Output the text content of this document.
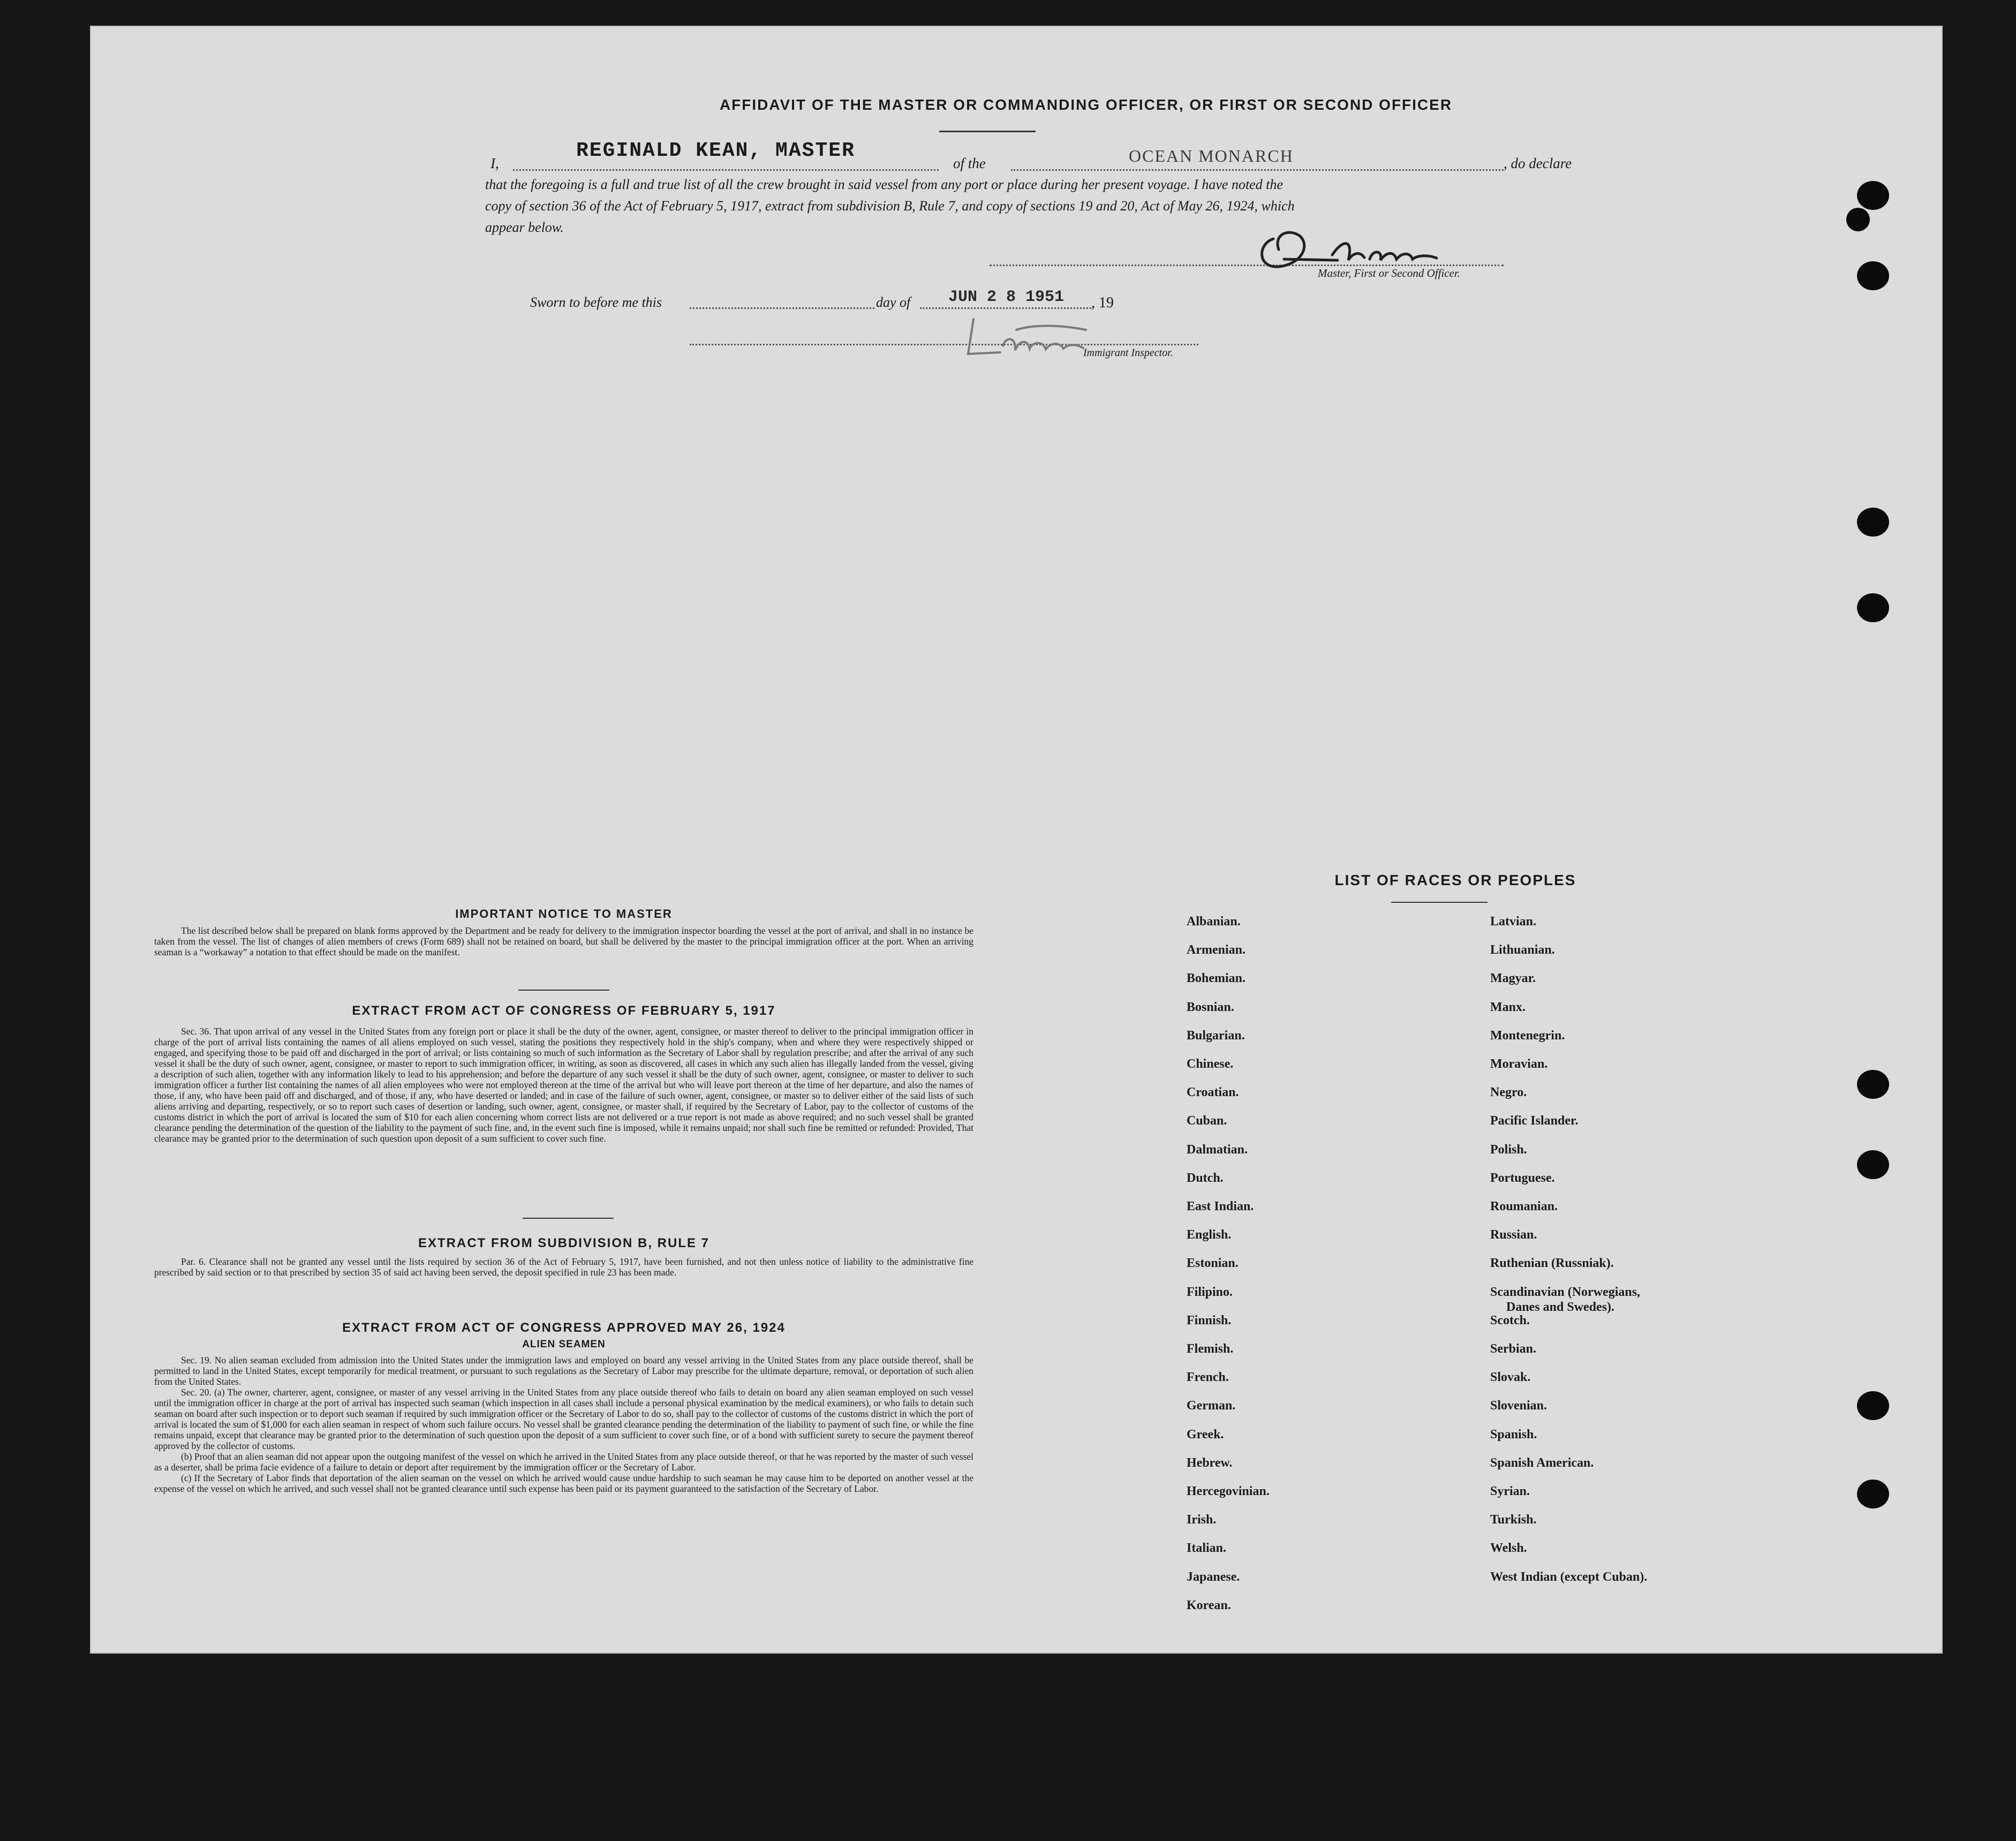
AFFIDAVIT OF THE MASTER OR COMMANDING OFFICER, OR FIRST OR SECOND OFFICER
I,
REGINALD KEAN, MASTER
of the	OCEAN MONARCH	, do declare
that the foregoing is a full and true list of all the crew brought in said vessel from any port or place during her present voyage. I have noted the
copy of section 36 of the Act of February 5, 1917, extract from subdivision B, Rule 7, and copy of sections 19 and 20, Act of May 26, 1924, which
appear below.
Master, First or Second Officer.
Sworn to before me this	day of JUN 2 8 1951 , 19
Immigrant Inspector.
IMPORTANT NOTICE TO MASTER

The list described below shall be prepared on blank forms approved by the Department and be ready for delivery to the immigration inspector boarding the vessel at the port of arrival, and shall in no instance be taken from the vessel. The list of changes of alien members of crews (Form 689) shall not be retained on board, but shall be delivered by the master to the principal immigration officer at the port. When an arriving seaman is a “workaway” a notation to that effect should be made on the manifest.

EXTRACT FROM ACT OF CONGRESS OF FEBRUARY 5, 1917

Sec. 36. That upon arrival of any vessel in the United States from any foreign port or place it shall be the duty of the owner, agent, consignee, or master thereof to deliver to the principal immigration officer in charge of the port of arrival lists containing the names of all aliens employed on such vessel, stating the positions they respectively hold in the ship's company, when and where they were respectively shipped or engaged, and specifying those to be paid off and discharged in the port of arrival; or lists containing so much of such information as the Secretary of Labor shall by regulation prescribe; and after the arrival of any such vessel it shall be the duty of such owner, agent, consignee, or master to report to such immigration officer, in writing, as soon as discovered, all cases in which any such alien has illegally landed from the vessel, giving a description of such alien, together with any information likely to lead to his apprehension; and before the departure of any such vessel it shall be the duty of such owner, agent, consignee, or master to deliver to such immigration officer a further list containing the names of all alien employees who were not employed thereon at the time of the arrival but who will leave port thereon at the time of her departure, and also the names of those, if any, who have been paid off and discharged, and of those, if any, who have deserted or landed; and in case of the failure of such owner, agent, consignee, or master so to deliver either of the said lists of such aliens arriving and departing, respectively, or so to report such cases of desertion or landing, such owner, agent, consignee, or master shall, if required by the Secretary of Labor, pay to the collector of customs of the customs district in which the port of arrival is located the sum of $10 for each alien concerning whom correct lists are not delivered or a true report is not made as above required; and no such vessel shall be granted clearance pending the determination of the question of the liability to the payment of such fine, and, in the event such fine is imposed, while it remains unpaid; nor shall such fine be remitted or refunded: Provided, That clearance may be granted prior to the determination of such question upon deposit of a sum sufficient to cover such fine.

EXTRACT FROM SUBDIVISION B, RULE 7

Par. 6. Clearance shall not be granted any vessel until the lists required by section 36 of the Act of February 5, 1917, have been furnished, and not then unless notice of liability to the administrative fine prescribed by said section or to that prescribed by section 35 of said act having been served, the deposit specified in rule 23 has been made.

EXTRACT FROM ACT OF CONGRESS APPROVED MAY 26, 1924
ALIEN SEAMEN

Sec. 19. No alien seaman excluded from admission into the United States under the immigration laws and employed on board any vessel arriving in the United States from any place outside thereof, shall be permitted to land in the United States, except temporarily for medical treatment, or pursuant to such regulations as the Secretary of Labor may prescribe for the ultimate departure, removal, or deportation of such alien from the United States.

Sec. 20. (a) The owner, charterer, agent, consignee, or master of any vessel arriving in the United States from any place outside thereof who fails to detain on board any alien seaman employed on such vessel until the immigration officer in charge at the port of arrival has inspected such seaman (which inspection in all cases shall include a personal physical examination by the medical examiners), or who fails to detain such seaman on board after such inspection or to deport such seaman if required by such immigration officer or the Secretary of Labor to do so, shall pay to the collector of customs of the customs district in which the port of arrival is located the sum of $1,000 for each alien seaman in respect of whom such failure occurs. No vessel shall be granted clearance pending the determination of the liability to payment of such fine, or while the fine remains unpaid, except that clearance may be granted prior to the determination of such question upon the deposit of a sum sufficient to cover such fine, or of a bond with sufficient surety to secure the payment thereof approved by the collector of customs.

(b) Proof that an alien seaman did not appear upon the outgoing manifest of the vessel on which he arrived in the United States from any place outside thereof, or that he was reported by the master of such vessel as a deserter, shall be prima facie evidence of a failure to detain or deport after requirement by the immigration officer or the Secretary of Labor.

(c) If the Secretary of Labor finds that deportation of the alien seaman on the vessel on which he arrived would cause undue hardship to such seaman he may cause him to be deported on another vessel at the expense of the vessel on which he arrived, and such vessel shall not be granted clearance until such expense has been paid or its payment guaranteed to the satisfaction of the Secretary of Labor.

LIST OF RACES OR PEOPLES
Albanian.
Armenian.
Bohemian.
Bosnian.
Bulgarian.
Chinese.
Croatian.
Cuban.
Dalmatian.
Dutch.
East Indian.
English.
Estonian.
Filipino.
Finnish.
Flemish.
French.
German.
Greek.
Hebrew.
Hercegovinian.
Irish.
Italian.
Japanese.
Korean.
Latvian.
Lithuanian.
Magyar.
Manx.
Montenegrin.
Moravian.
Negro.
Pacific Islander.
Polish.
Portuguese.
Roumanian.
Russian.
Ruthenian (Russniak).
Scandinavian (Norwegians,
Danes and Swedes).
Scotch.
Serbian.
Slovak.
Slovenian.
Spanish.
Spanish American.
Syrian.
Turkish.
Welsh.
West Indian (except Cuban).
